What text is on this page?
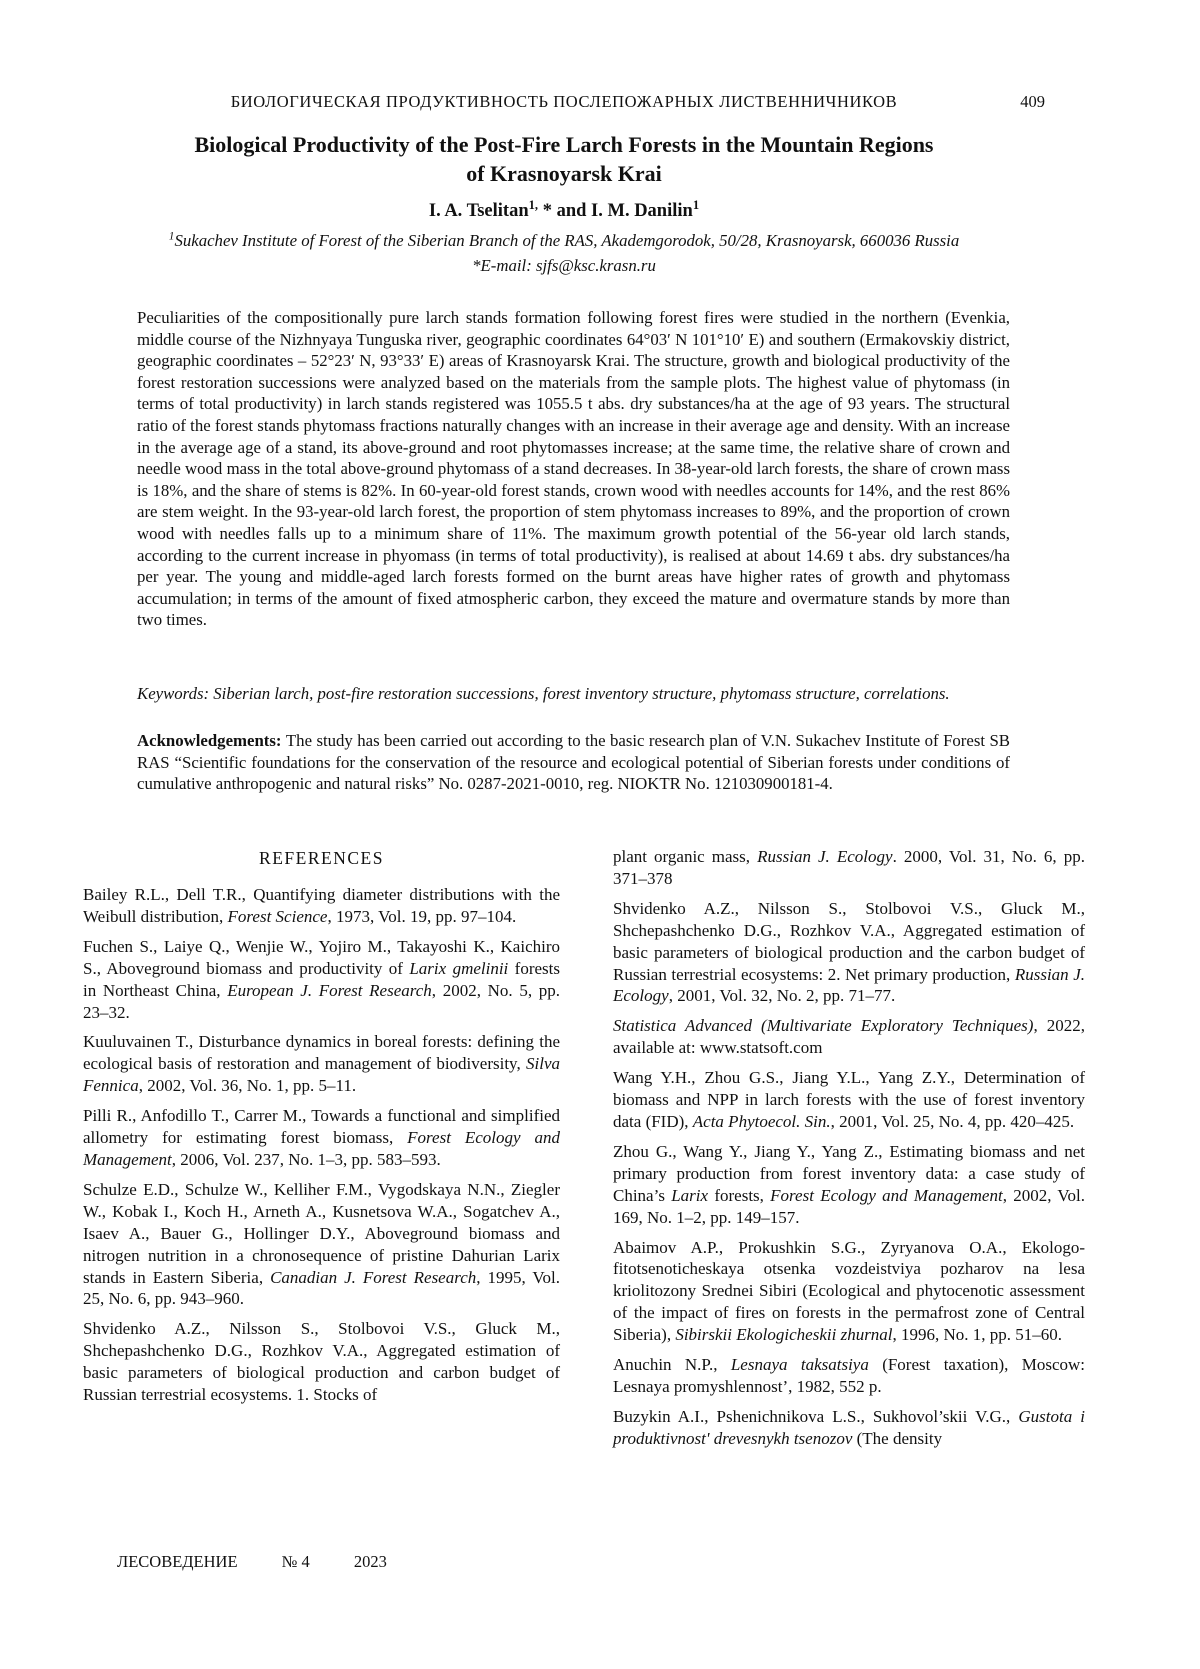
БИОЛОГИЧЕСКАЯ ПРОДУКТИВНОСТЬ ПОСЛЕПОЖАРНЫХ ЛИСТВЕННИЧНИКОВ	409
Biological Productivity of the Post-Fire Larch Forests in the Mountain Regions
of Krasnoyarsk Krai
I. A. Tselitan$^{1,}$ * and I. M. Danilin$^1$
$^1$Sukachev Institute of Forest of the Siberian Branch of the RAS, Akademgorodok, 50/28, Krasnoyarsk, 660036 Russia
*E-mail: sjfs@ksc.krasn.ru
Peculiarities of the compositionally pure larch stands formation following forest fires were studied in the northern (Evenkia, middle course of the Nizhnyaya Tunguska river, geographic coordinates 64°03′ N 101°10′ E) and southern (Ermakovskiy district, geographic coordinates – 52°23′ N, 93°33′ E) areas of Krasnoyarsk Krai. The structure, growth and biological productivity of the forest restoration successions were analyzed based on the materials from the sample plots. The highest value of phytomass (in terms of total productivity) in larch stands registered was 1055.5 t abs. dry substances/ha at the age of 93 years. The structural ratio of the forest stands phytomass fractions naturally changes with an increase in their average age and density. With an increase in the average age of a stand, its above-ground and root phytomasses increase; at the same time, the relative share of crown and needle wood mass in the total above-ground phytomass of a stand decreases. In 38-year-old larch forests, the share of crown mass is 18%, and the share of stems is 82%. In 60-year-old forest stands, crown wood with needles accounts for 14%, and the rest 86% are stem weight. In the 93-year-old larch forest, the proportion of stem phytomass increases to 89%, and the proportion of crown wood with needles falls up to a minimum share of 11%. The maximum growth potential of the 56-year old larch stands, according to the current increase in phyomass (in terms of total productivity), is realised at about 14.69 t abs. dry substances/ha per year. The young and middle-aged larch forests formed on the burnt areas have higher rates of growth and phytomass accumulation; in terms of the amount of fixed atmospheric carbon, they exceed the mature and overmature stands by more than two times.
Keywords: Siberian larch, post-fire restoration successions, forest inventory structure, phytomass structure, correlations.
Acknowledgements: The study has been carried out according to the basic research plan of V.N. Sukachev Institute of Forest SB RAS “Scientific foundations for the conservation of the resource and ecological potential of Siberian forests under conditions of cumulative anthropogenic and natural risks” No. 0287-2021-0010, reg. NIOKTR No. 121030900181-4.
REFERENCES

Bailey R.L., Dell T.R., Quantifying diameter distributions with the Weibull distribution, Forest Science, 1973, Vol. 19, pp. 97–104.

Fuchen S., Laiye Q., Wenjie W., Yojiro M., Takayoshi K., Kaichiro S., Aboveground biomass and productivity of Larix gmelinii forests in Northeast China, European J. Forest Research, 2002, No. 5, pp. 23–32.

Kuuluvainen T., Disturbance dynamics in boreal forests: defining the ecological basis of restoration and management of biodiversity, Silva Fennica, 2002, Vol. 36, No. 1, pp. 5–11.

Pilli R., Anfodillo T., Carrer M., Towards a functional and simplified allometry for estimating forest biomass, Forest Ecology and Management, 2006, Vol. 237, No. 1–3, pp. 583–593.

Schulze E.D., Schulze W., Kelliher F.M., Vygodskaya N.N., Ziegler W., Kobak I., Koch H., Arneth A., Kusnetsova W.A., Sogatchev A., Isaev A., Bauer G., Hollinger D.Y., Aboveground biomass and nitrogen nutrition in a chronosequence of pristine Dahurian Larix stands in Eastern Siberia, Canadian J. Forest Research, 1995, Vol. 25, No. 6, pp. 943–960.

Shvidenko A.Z., Nilsson S., Stolbovoi V.S., Gluck M., Shchepashchenko D.G., Rozhkov V.A., Aggregated estimation of basic parameters of biological production and carbon budget of Russian terrestrial ecosystems. 1. Stocks of

plant organic mass, Russian J. Ecology. 2000, Vol. 31, No. 6, pp. 371–378

Shvidenko A.Z., Nilsson S., Stolbovoi V.S., Gluck M., Shchepashchenko D.G., Rozhkov V.A., Aggregated estimation of basic parameters of biological production and the carbon budget of Russian terrestrial ecosystems: 2. Net primary production, Russian J. Ecology, 2001, Vol. 32, No. 2, pp. 71–77.

Statistica Advanced (Multivariate Exploratory Techniques), 2022, available at: www.statsoft.com

Wang Y.H., Zhou G.S., Jiang Y.L., Yang Z.Y., Determination of biomass and NPP in larch forests with the use of forest inventory data (FID), Acta Phytoecol. Sin., 2001, Vol. 25, No. 4, pp. 420–425.

Zhou G., Wang Y., Jiang Y., Yang Z., Estimating biomass and net primary production from forest inventory data: a case study of China’s Larix forests, Forest Ecology and Management, 2002, Vol. 169, No. 1–2, pp. 149–157.

Abaimov A.P., Prokushkin S.G., Zyryanova O.A., Ekologo-fitotsenoticheskaya otsenka vozdeistviya pozharov na lesa kriolitozony Srednei Sibiri (Ecological and phytocenotic assessment of the impact of fires on forests in the permafrost zone of Central Siberia), Sibirskii Ekologicheskii zhurnal, 1996, No. 1, pp. 51–60.

Anuchin N.P., Lesnaya taksatsiya (Forest taxation), Moscow: Lesnaya promyshlennost’, 1982, 552 p.

Buzykin A.I., Pshenichnikova L.S., Sukhovol’skii V.G., Gustota i produktivnost' drevesnykh tsenozov (The density

ЛЕСОВЕДЕНИЕ	№ 4	2023
